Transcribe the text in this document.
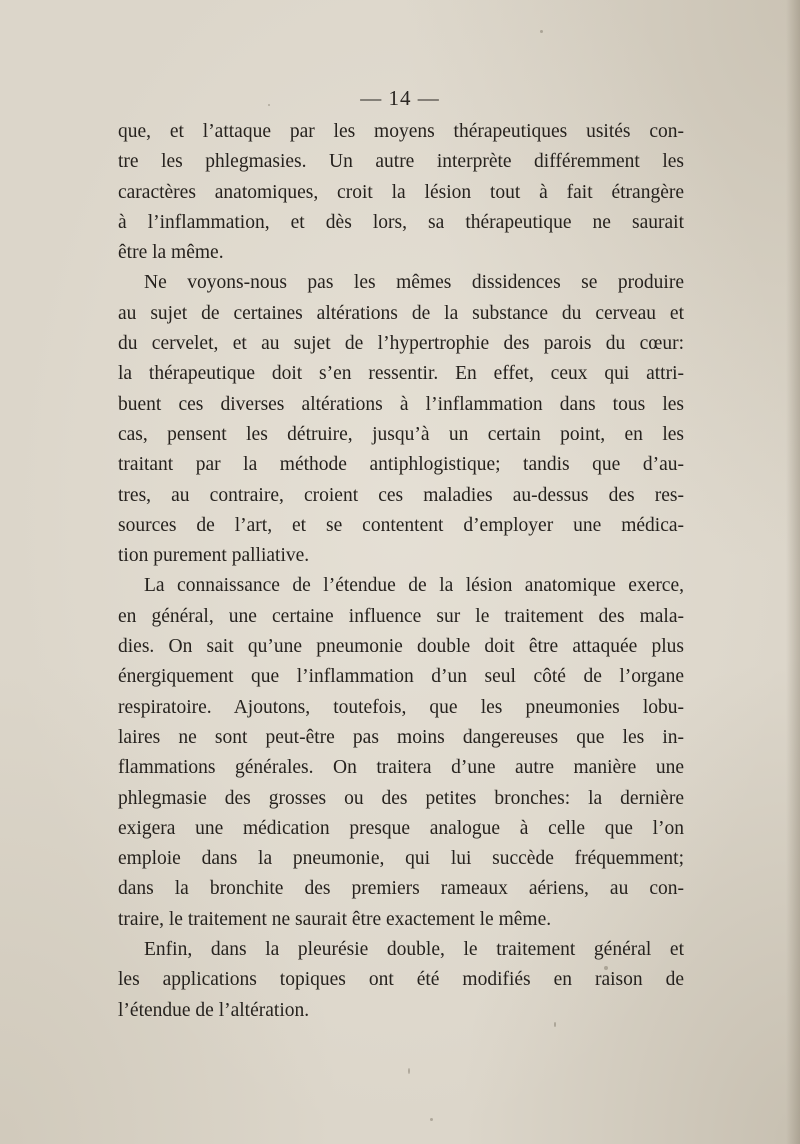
— 14 —
que, et l’attaque par les moyens thérapeutiques usités con-
tre les phlegmasies. Un autre interprète différemment les
caractères anatomiques, croit la lésion tout à fait étrangère
à l’inflammation, et dès lors, sa thérapeutique ne saurait
être la même.
Ne voyons-nous pas les mêmes dissidences se produire
au sujet de certaines altérations de la substance du cerveau et
du cervelet, et au sujet de l’hypertrophie des parois du cœur:
la thérapeutique doit s’en ressentir. En effet, ceux qui attri-
buent ces diverses altérations à l’inflammation dans tous les
cas, pensent les détruire, jusqu’à un certain point, en les
traitant par la méthode antiphlogistique; tandis que d’au-
tres, au contraire, croient ces maladies au-dessus des res-
sources de l’art, et se contentent d’employer une médica-
tion purement palliative.
La connaissance de l’étendue de la lésion anatomique exerce,
en général, une certaine influence sur le traitement des mala-
dies. On sait qu’une pneumonie double doit être attaquée plus
énergiquement que l’inflammation d’un seul côté de l’organe
respiratoire. Ajoutons, toutefois, que les pneumonies lobu-
laires ne sont peut-être pas moins dangereuses que les in-
flammations générales. On traitera d’une autre manière une
phlegmasie des grosses ou des petites bronches: la dernière
exigera une médication presque analogue à celle que l’on
emploie dans la pneumonie, qui lui succède fréquemment;
dans la bronchite des premiers rameaux aériens, au con-
traire, le traitement ne saurait être exactement le même.
Enfin, dans la pleurésie double, le traitement général et
les applications topiques ont été modifiés en raison de
l’étendue de l’altération.
